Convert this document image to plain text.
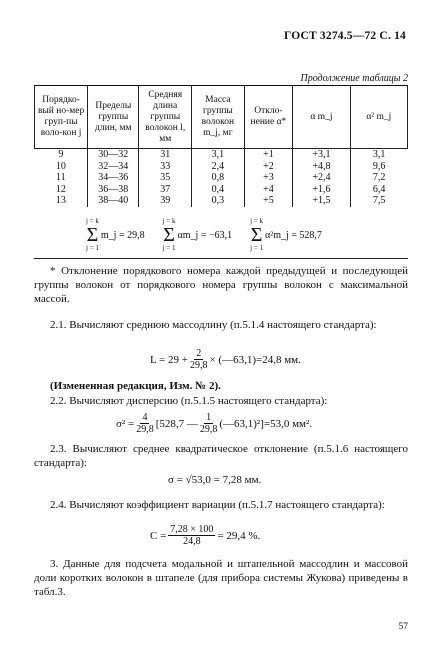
ГОСТ 3274.5—72 С. 14
Продолжение таблицы 2
Порядко-вый но-мер груп-пы воло-кон j	Пределы группы длин, мм	Средняя длина группы волокон l, мм	Масса группы волокон m_j, мг	Откло-нение α*	α m_j	α² m_j
9	30—32	31	3,1	+1	+3,1	3,1
10	32—34	33	2,4	+2	+4,8	9,6
11	34—36	35	0,8	+3	+2,4	7,2
12	36—38	37	0,4	+4	+1,6	6,4
13	38—40	39	0,3	+5	+1,5	7,5
j = k
Σ
j = 1
m_j = 29,8
j = k
Σ
j = 1
αm_j = −63,1
j = k
Σ
j = 1
α²m_j = 528,7
* Отклонение порядкового номера каждой предыдущей и последующей группы волокон от порядкового номера группы волокон с максимальной массой.
2.1. Вычисляют среднюю массодлину (п.5.1.4 настоящего стандарта):
$L = 29 + \frac{2}{29,8}$ × (—63,1)=24,8 мм.
(Измененная редакция, Изм. № 2).
2.2. Вычисляют дисперсию (п.5.1.5 настоящего стандарта):
$\sigma^2 = \frac{4}{29,8} [528,7$ — 1
29,8 (—63,1)²]=53,0 мм².
2.3. Вычисляют среднее квадратическое отклонение (п.5.1.6 настоящего стандарта):
σ = √53,0 = 7,28 мм.
2.4. Вычисляют коэффициент вариации (п.5.1.7 настоящего стандарта):
$C = \frac{7,28 \times 100}{24,8} = 29,4$ %.
3. Данные для подсчета модальной и штапельной массодлин и массовой доли коротких волокон в штапеле (для прибора системы Жукова) приведены в табл.3.
57
